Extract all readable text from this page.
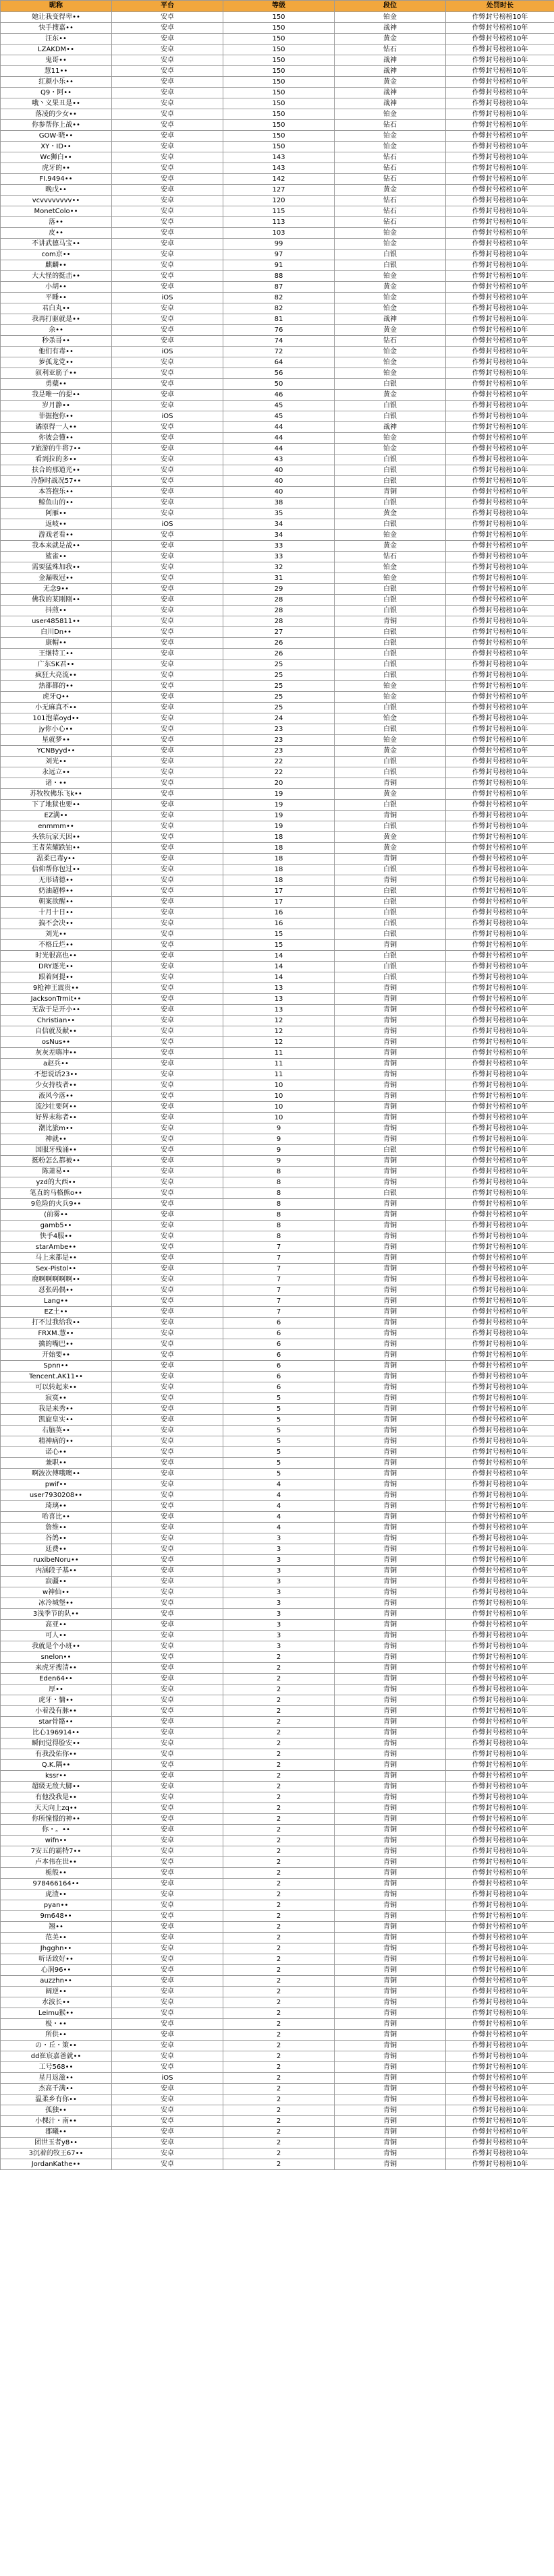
昵称	平台	等级	段位	处罚时长
她让我变得卑••	安卓	150	铂金	作弊封号榜榜10年
快手搜嘉••	安卓	150	战神	作弊封号榜榜10年
汪东••	安卓	150	黄金	作弊封号榜榜10年
LZAKDM••	安卓	150	钻石	作弊封号榜榜10年
鬼哥••	安卓	150	战神	作弊封号榜榜10年
慧11••	安卓	150	战神	作弊封号榜榜10年
红颜小乐••	安卓	150	黄金	作弊封号榜榜10年
Q9・阿••	安卓	150	战神	作弊封号榜榜10年
哦丶义果丑是••	安卓	150	战神	作弊封号榜榜10年
落凌的少女••	安卓	150	铂金	作弊封号榜榜10年
你参帮你上战••	安卓	150	钻石	作弊封号榜榜10年
GOW·晓••	安卓	150	铂金	作弊封号榜榜10年
XY・ID••	安卓	150	铂金	作弊封号榜榜10年
Wc狮白••	安卓	143	钻石	作弊封号榜榜10年
虎牙的••	安卓	143	钻石	作弊封号榜榜10年
FI.9494••	安卓	142	钻石	作弊封号榜榜10年
晚戊••	安卓	127	黄金	作弊封号榜榜10年
vcvvvvvvvv••	安卓	120	钻石	作弊封号榜榜10年
MonetColo••	安卓	115	钻石	作弊封号榜榜10年
落••	安卓	113	钻石	作弊封号榜榜10年
皮••	安卓	103	铂金	作弊封号榜榜10年
不讲武德马宝••	安卓	99	铂金	作弊封号榜榜10年
com京••	安卓	97	白银	作弊封号榜榜10年
麒麟••	安卓	91	白银	作弊封号榜榜10年
大大怪的挺击••	安卓	88	铂金	作弊封号榜榜10年
小胡••	安卓	87	黄金	作弊封号榜榜10年
平睡••	iOS	82	铂金	作弊封号榜榜10年
君白丸••	安卓	82	铂金	作弊封号榜榜10年
我再打驱就是••	安卓	81	战神	作弊封号榜榜10年
余••	安卓	76	黄金	作弊封号榜榜10年
秒杀哥••	安卓	74	钻石	作弊封号榜榜10年
他们有毒••	iOS	72	铂金	作弊封号榜榜10年
萝孤龙党••	安卓	64	铂金	作弊封号榜榜10年
叙利亚筋子••	安卓	56	铂金	作弊封号榜榜10年
勇蘗••	安卓	50	白银	作弊封号榜榜10年
我是唯一的提••	安卓	46	黄金	作弊封号榜榜10年
岁月静••	安卓	45	白银	作弊封号榜榜10年
菲掘抱你••	iOS	45	白银	作弊封号榜榜10年
谲原得一人••	安卓	44	战神	作弊封号榜榜10年
你彼会懂••	安卓	44	铂金	作弊封号榜榜10年
7旅游的牛将7••	安卓	44	铂金	作弊封号榜榜10年
看到拉的多••	安卓	43	白银	作弊封号榜榜10年
扶合的那道光••	安卓	40	白银	作弊封号榜榜10年
冷静时战况57••	安卓	40	白银	作弊封号榜榜10年
本答抱乐••	安卓	40	青铜	作弊封号榜榜10年
鲸鱼山的••	安卓	38	白银	作弊封号榜榜10年
阿雁••	安卓	35	黄金	作弊封号榜榜10年
返岐••	iOS	34	白银	作弊封号榜榜10年
游戏老看••	安卓	34	铂金	作弊封号榜榜10年
我本来就是战••	安卓	33	黄金	作弊封号榜榜10年
鲨雀••	安卓	33	钻石	作弊封号榜榜10年
需要猛殊加我••	安卓	32	铂金	作弊封号榜榜10年
金漏吸冠••	安卓	31	铂金	作弊封号榜榜10年
无念9••	安卓	29	白银	作弊封号榜榜10年
佛我的某刚刚••	安卓	28	白银	作弊封号榜榜10年
抖煎••	安卓	28	白银	作弊封号榜榜10年
user485811••	安卓	28	青铜	作弊封号榜榜10年
白川Dn••	安卓	27	白银	作弊封号榜榜10年
康帽••	安卓	26	白银	作弊封号榜榜10年
王继特工••	安卓	26	白银	作弊封号榜榜10年
广东SK君••	安卓	25	白银	作弊封号榜榜10年
疯狂大亮流••	安卓	25	白银	作弊封号榜榜10年
热都都的••	安卓	25	铂金	作弊封号榜榜10年
虎牙Q••	安卓	25	铂金	作弊封号榜榜10年
小无麻真不••	安卓	25	白银	作弊封号榜榜10年
101泡菜oyd••	安卓	24	铂金	作弊封号榜榜10年
jy你小心••	安卓	23	白银	作弊封号榜榜10年
星就梦••	安卓	23	铂金	作弊封号榜榜10年
YCNByyd••	安卓	23	黄金	作弊封号榜榜10年
刘光••	安卓	22	白银	作弊封号榜榜10年
永远立••	安卓	22	白银	作弊封号榜榜10年
诸・••	安卓	20	青铜	作弊封号榜榜10年
苏牧牧佛乐飞k••	安卓	19	黄金	作弊封号榜榜10年
下了地狱也要••	安卓	19	白银	作弊封号榜榜10年
EZ满••	安卓	19	青铜	作弊封号榜榜10年
enmmm••	安卓	19	白银	作弊封号榜榜10年
头铁玩家天因••	安卓	18	黄金	作弊封号榜榜10年
王者荣耀跌铂••	安卓	18	黄金	作弊封号榜榜10年
温柔已毒y••	安卓	18	青铜	作弊封号榜榜10年
信仰帮你包过••	安卓	18	白银	作弊封号榜榜10年
无形请德••	安卓	18	青铜	作弊封号榜榜10年
奶油超棒••	安卓	17	白银	作弊封号榜榜10年
朝案欲醒••	安卓	17	白银	作弊封号榜榜10年
十月十日••	安卓	16	白银	作弊封号榜榜10年
搞不会决••	安卓	16	白银	作弊封号榜榜10年
刘光••	安卓	15	白银	作弊封号榜榜10年
不格丘烂••	安卓	15	青铜	作弊封号榜榜10年
时光很高也••	安卓	14	白银	作弊封号榜榜10年
DRY逐光••	安卓	14	白银	作弊封号榜榜10年
跟着阿提••	安卓	14	白银	作弊封号榜榜10年
9枪神王震贵••	安卓	13	青铜	作弊封号榜榜10年
JacksonTrmit••	安卓	13	青铜	作弊封号榜榜10年
无敌于是开小••	安卓	13	青铜	作弊封号榜榜10年
Christian••	安卓	12	青铜	作弊封号榜榜10年
自信就及献••	安卓	12	青铜	作弊封号榜榜10年
osNus••	安卓	12	青铜	作弊封号榜榜10年
灰灰差嗨冲••	安卓	11	青铜	作弊封号榜榜10年
a赵兵••	安卓	11	青铜	作弊封号榜榜10年
不想说话23••	安卓	11	青铜	作弊封号榜榜10年
少女持枝者••	安卓	10	青铜	作弊封号榜榜10年
液风今落••	安卓	10	青铜	作弊封号榜榜10年
流沙壮要阿••	安卓	10	青铜	作弊封号榜榜10年
好界末称者••	安卓	10	青铜	作弊封号榜榜10年
潮比旅m••	安卓	9	青铜	作弊封号榜榜10年
神就••	安卓	9	青铜	作弊封号榜榜10年
国服牙残涌••	安卓	9	白银	作弊封号榜榜10年
挺粉怎么都被••	安卓	9	青铜	作弊封号榜榜10年
陈萧易••	安卓	8	青铜	作弊封号榜榜10年
yzd的大西••	安卓	8	青铜	作弊封号榜榜10年
笔直的马格熊o••	安卓	8	白银	作弊封号榜榜10年
9危险的火兵9••	安卓	8	青铜	作弊封号榜榜10年
(前雾••	安卓	8	青铜	作弊封号榜榜10年
gamb5••	安卓	8	青铜	作弊封号榜榜10年
快手4服••	安卓	8	青铜	作弊封号榜榜10年
starAmbe••	安卓	7	青铜	作弊封号榜榜10年
马上来都是••	安卓	7	青铜	作弊封号榜榜10年
Sex-Pistol••	安卓	7	青铜	作弊封号榜榜10年
鹿啊啊啊啊啊••	安卓	7	青铜	作弊封号榜榜10年
怼张码偶••	安卓	7	青铜	作弊封号榜榜10年
Lang••	安卓	7	青铜	作弊封号榜榜10年
EZ土••	安卓	7	青铜	作弊封号榜榜10年
打不过我给我••	安卓	6	青铜	作弊封号榜榜10年
FRXM.慧••	安卓	6	青铜	作弊封号榜榜10年
擒的嘴巴••	安卓	6	青铜	作弊封号榜榜10年
开始要••	安卓	6	青铜	作弊封号榜榜10年
Spnn••	安卓	6	青铜	作弊封号榜榜10年
Tencent.AK11••	安卓	6	青铜	作弊封号榜榜10年
可以转起来••	安卓	6	青铜	作弊封号榜榜10年
寂寞••	安卓	5	青铜	作弊封号榜榜10年
我是来秀••	安卓	5	青铜	作弊封号榜榜10年
凯旋皇实••	安卓	5	青铜	作弊封号榜榜10年
右脑英••	安卓	5	青铜	作弊封号榜榜10年
精神病的••	安卓	5	青铜	作弊封号榜榜10年
诺心••	安卓	5	青铜	作弊封号榜榜10年
兼职••	安卓	5	青铜	作弊封号榜榜10年
啊波次傅哦噢••	安卓	5	青铜	作弊封号榜榜10年
pwif••	安卓	4	青铜	作弊封号榜榜10年
user7930208••	安卓	4	青铜	作弊封号榜榜10年
琦璃••	安卓	4	青铜	作弊封号榜榜10年
哈喜比••	安卓	4	青铜	作弊封号榜榜10年
詹维••	安卓	4	青铜	作弊封号榜榜10年
谷鸽••	安卓	3	青铜	作弊封号榜榜10年
廷费••	安卓	3	青铜	作弊封号榜榜10年
ruxibeNoru••	安卓	3	青铜	作弊封号榜榜10年
内涵段子基••	安卓	3	青铜	作弊封号榜榜10年
寂疆••	安卓	3	青铜	作弊封号榜榜10年
w神仙••	安卓	3	青铜	作弊封号榜榜10年
冰冷城堡••	安卓	3	青铜	作弊封号榜榜10年
3浅季节的队••	安卓	3	青铜	作弊封号榜榜10年
高亚••	安卓	3	青铜	作弊封号榜榜10年
可人••	安卓	3	青铜	作弊封号榜榜10年
我就是个小班••	安卓	3	青铜	作弊封号榜榜10年
snelon••	安卓	2	青铜	作弊封号榜榜10年
来虎牙搜清••	安卓	2	青铜	作弊封号榜榜10年
Eden64••	安卓	2	青铜	作弊封号榜榜10年
厚••	安卓	2	青铜	作弊封号榜榜10年
虎牙・慵••	安卓	2	青铜	作弊封号榜榜10年
小着没有脉••	安卓	2	青铜	作弊封号榜榜10年
star骨骼••	安卓	2	青铜	作弊封号榜榜10年
比心196914••	安卓	2	青铜	作弊封号榜榜10年
瞬间觉得脸安••	安卓	2	青铜	作弊封号榜榜10年
有我没佑你••	安卓	2	青铜	作弊封号榜榜10年
Q.K.隅••	安卓	2	青铜	作弊封号榜榜10年
kssr••	安卓	2	青铜	作弊封号榜榜10年
超级无敌大脚••	安卓	2	青铜	作弊封号榜榜10年
有他没我是••	安卓	2	青铜	作弊封号榜榜10年
天天向上zq••	安卓	2	青铜	作弊封号榜榜10年
你所憧憬的神••	安卓	2	青铜	作弊封号榜榜10年
你・。••	安卓	2	青铜	作弊封号榜榜10年
wifn••	安卓	2	青铜	作弊封号榜榜10年
7安五的霸特7••	安卓	2	青铜	作弊封号榜榜10年
卢本伟在世••	安卓	2	青铜	作弊封号榜榜10年
栀般••	安卓	2	青铜	作弊封号榜榜10年
978466164••	安卓	2	青铜	作弊封号榜榜10年
虎渣••	安卓	2	青铜	作弊封号榜榜10年
pyan••	安卓	2	青铜	作弊封号榜榜10年
9m648••	安卓	2	青铜	作弊封号榜榜10年
翘••	安卓	2	青铜	作弊封号榜榜10年
范美••	安卓	2	青铜	作弊封号榜榜10年
Jhgghn••	安卓	2	青铜	作弊封号榜榜10年
听话致好••	安卓	2	青铜	作弊封号榜榜10年
心润96••	安卓	2	青铜	作弊封号榜榜10年
auzzhn••	安卓	2	青铜	作弊封号榜榜10年
阔逆••	安卓	2	青铜	作弊封号榜榜10年
水波长••	安卓	2	青铜	作弊封号榜榜10年
Leimu猴••	安卓	2	青铜	作弊封号榜榜10年
极・••	安卓	2	青铜	作弊封号榜榜10年
所供••	安卓	2	青铜	作弊封号榜榜10年
の・丘・策••	安卓	2	青铜	作弊封号榜榜10年
dd崔宸嘉爸就••	安卓	2	青铜	作弊封号榜榜10年
工号568••	安卓	2	青铜	作弊封号榜榜10年
星月返滋••	iOS	2	青铜	作弊封号榜榜10年
杰高千满••	安卓	2	青铜	作弊封号榜榜10年
温柔乡有你••	安卓	2	青铜	作弊封号榜榜10年
孤独••	安卓	2	青铜	作弊封号榜榜10年
小棵汁・南••	安卓	2	青铜	作弊封号榜榜10年
郡曦••	安卓	2	青铜	作弊封号榜榜10年
团世玉者y8••	安卓	2	青铜	作弊封号榜榜10年
3沉着的牧王67••	安卓	2	青铜	作弊封号榜榜10年
JordanKathe••	安卓	2	青铜	作弊封号榜榜10年
